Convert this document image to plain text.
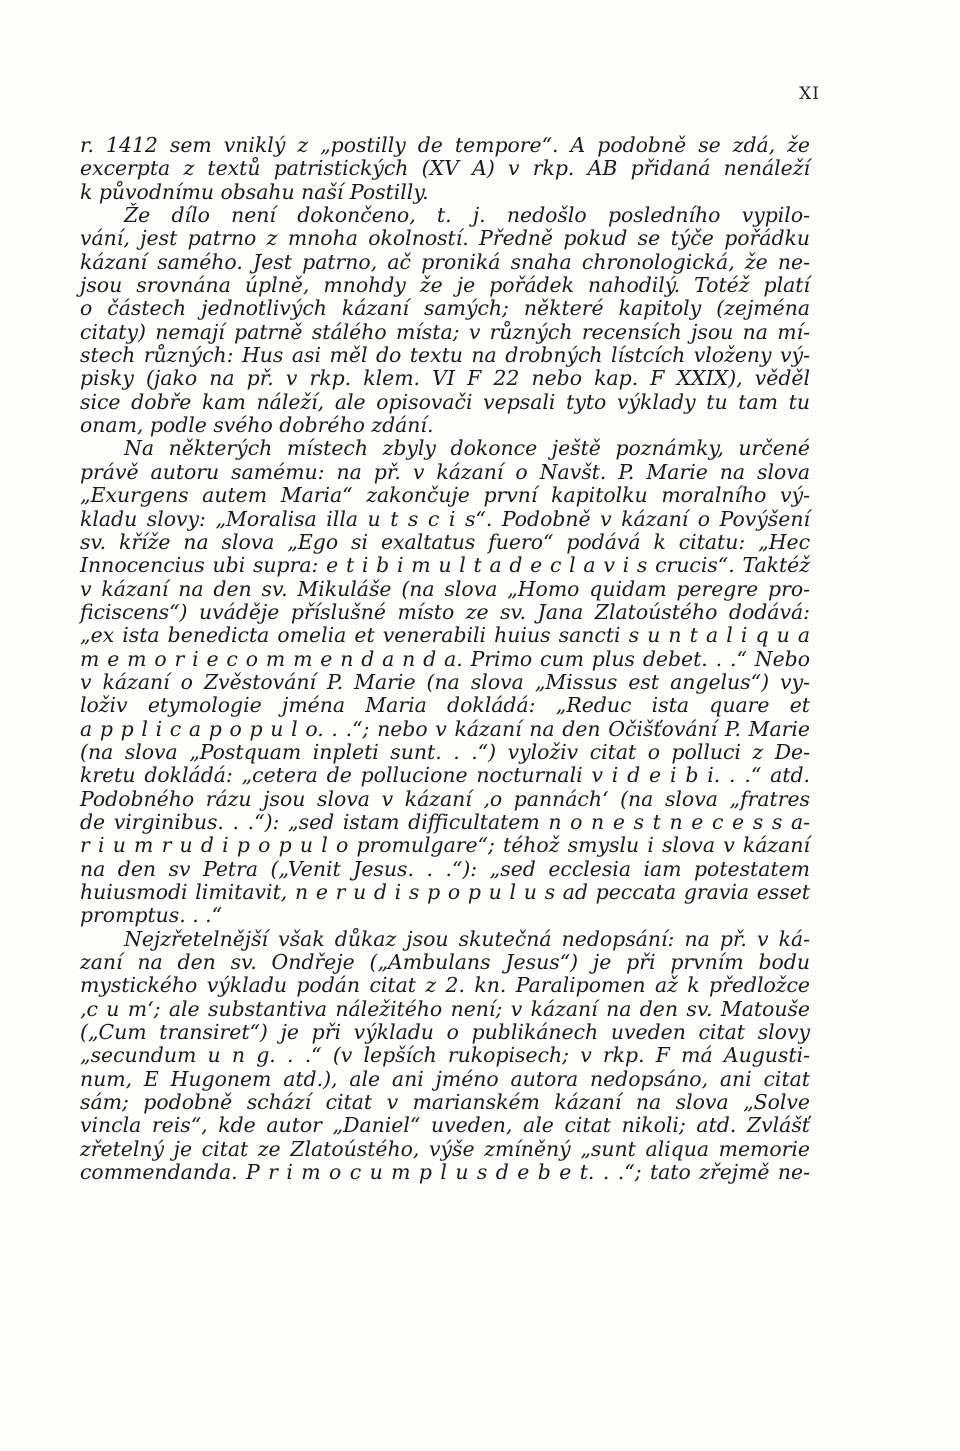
XI
r. 1412 sem vniklý z „postilly de tempore“. A podobně se zdá, že
excerpta z textů patristických (XV A) v rkp. AB přidaná nenáleží
k původnímu obsahu naší Postilly.
Že dílo není dokončeno, t. j. nedošlo posledního vypilo-
vání, jest patrno z mnoha okolností. Předně pokud se týče pořádku
kázaní samého. Jest patrno, ač proniká snaha chronologická, že ne-
jsou srovnána úplně, mnohdy že je pořádek nahodilý. Totéž platí
o částech jednotlivých kázaní samých; některé kapitoly (zejména
citaty) nemají patrně stálého místa; v různých recensích jsou na mí-
stech různých: Hus asi měl do textu na drobných lístcích vloženy vý-
pisky (jako na př. v rkp. klem. VI F 22 nebo kap. F XXIX), věděl
sice dobře kam náleží, ale opisovači vepsali tyto výklady tu tam tu
onam, podle svého dobrého zdání.
Na některých místech zbyly dokonce ještě poznámky, určené
právě autoru samému: na př. v kázaní o Navšt. P. Marie na slova
„Exurgens autem Maria“ zakončuje první kapitolku moralního vý-
kladu slovy: „Moralisa illa u t s c i s“. Podobně v kázaní o Povýšení
sv. kříže na slova „Ego si exaltatus fuero“ podává k citatu: „Hec
Innocencius ubi supra: e t i b i m u l t a d e c l a v i s crucis“. Taktéž
v kázaní na den sv. Mikuláše (na slova „Homo quidam peregre pro-
ficiscens“) uváděje příslušné místo ze sv. Jana Zlatoústého dodává:
„ex ista benedicta omelia et venerabili huius sancti s u n t a l i q u a
m e m o r i e c o m m e n d a n d a. Primo cum plus debet. . .“ Nebo
v kázaní o Zvěstování P. Marie (na slova „Missus est angelus“) vy-
loživ etymologie jména Maria dokládá: „Reduc ista quare et
a p p l i c a p o p u l o. . .“; nebo v kázaní na den Očišťování P. Marie
(na slova „Postquam inpleti sunt. . .“) vyloživ citat o polluci z De-
kretu dokládá: „cetera de pollucione nocturnali v i d e i b i. . .“ atd.
Podobného rázu jsou slova v kázaní ‚o pannách‘ (na slova „fratres
de virginibus. . .“): „sed istam difficultatem n o n e s t n e c e s s a-
r i u m r u d i p o p u l o promulgare“; téhož smyslu i slova v kázaní
na den sv Petra („Venit Jesus. . .“): „sed ecclesia iam potestatem
huiusmodi limitavit, n e r u d i s p o p u l u s ad peccata gravia esset
promptus. . .“
Nejzřetelnější však důkaz jsou skutečná nedopsání: na př. v ká-
zaní na den sv. Ondřeje („Ambulans Jesus“) je při prvním bodu
mystického výkladu podán citat z 2. kn. Paralipomen až k předložce
‚c u m‘; ale substantiva náležitého není; v kázaní na den sv. Matouše
(„Cum transiret“) je při výkladu o publikánech uveden citat slovy
„secundum u n g. . .“ (v lepších rukopisech; v rkp. F má Augusti-
num, E Hugonem atd.), ale ani jméno autora nedopsáno, ani citat
sám; podobně schází citat v marianském kázaní na slova „Solve
vincla reis“, kde autor „Daniel“ uveden, ale citat nikoli; atd. Zvlášť
zřetelný je citat ze Zlatoústého, výše zmíněný „sunt aliqua memorie
commendanda. P r i m o c u m p l u s d e b e t. . .“; tato zřejmě ne-
